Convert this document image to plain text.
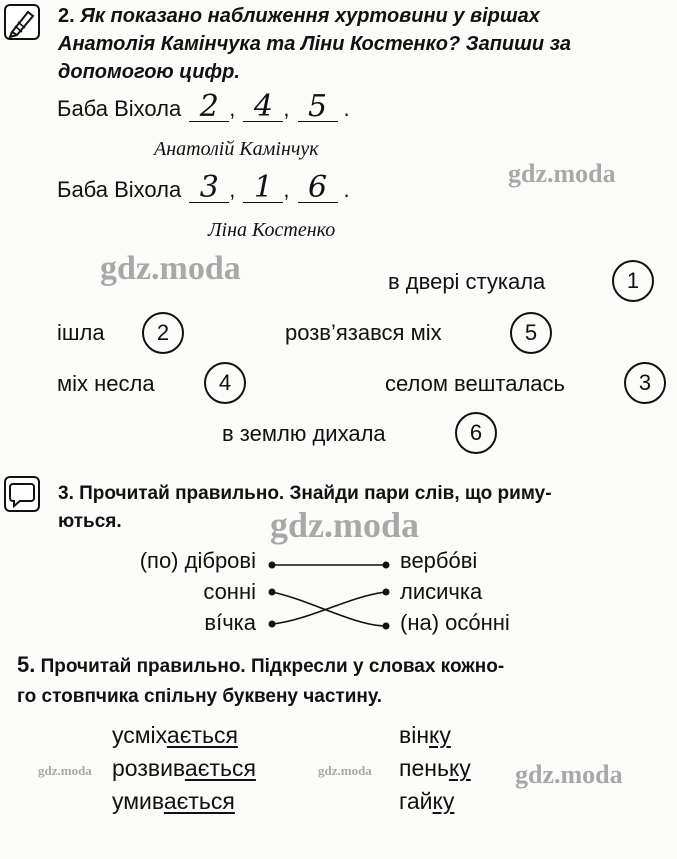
2. Як показано наближення хуртовини у віршах
Анатолія Камінчука та Ліни Костенко? Запиши за
допомогою цифр.
Баба Віхола 2 , 4 , 5 .
Анатолій Камінчук
Баба Віхола 3 , 1 , 6 .
Ліна Костенко
в двері стукала	1
ішла	2	розв’язався міх	5
міх несла	4	селом вешталась	3
в землю дихала	6
gdz.moda
gdz.moda
gdz.moda
gdz.moda	gdz.moda	gdz.moda
3. Прочитай правильно. Знайди пари слів, що риму-
ються.
(по) діброві
сонні
вíчка
вербóві
лисичка
(на) осóнні
5. Прочитай правильно. Підкресли у словах кожно-
го стовпчика спільну буквену частину.
усміхається
розвивається
умивається
вінку
пеньку
гайку
